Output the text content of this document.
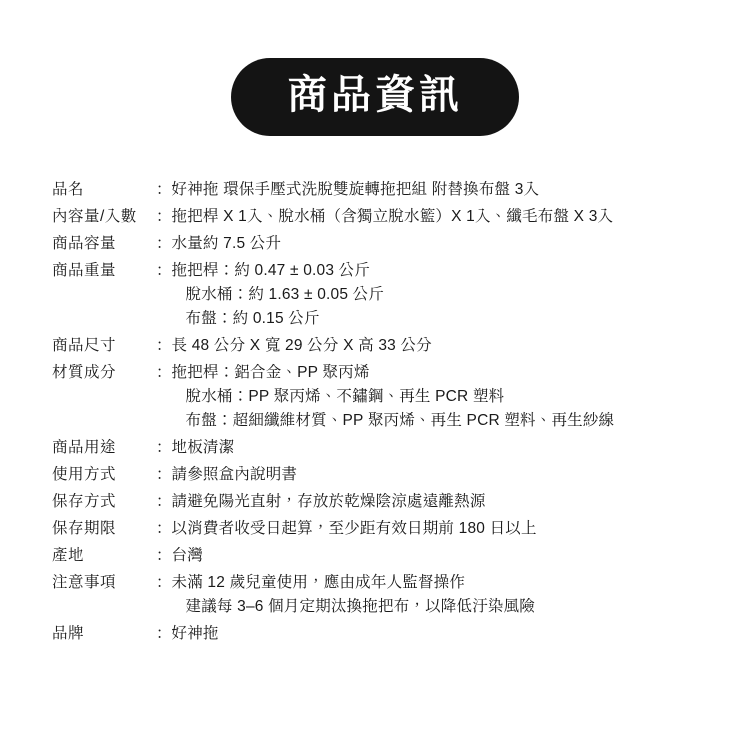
商品資訊
品名	：	好神拖 環保手壓式洗脫雙旋轉拖把組 附替換布盤 3入

內容量/入數	：	拖把桿 X 1入、脫水桶（含獨立脫水籃）X 1入、纖毛布盤 X 3入

商品容量	：	水量約 7.5 公升

商品重量	：	拖把桿：約 0.47 ± 0.03 公斤
脫水桶：約 1.63 ± 0.05 公斤
布盤：約 0.15 公斤

商品尺寸	：	長 48 公分 X 寬 29 公分 X 高 33 公分

材質成分	：	拖把桿：鋁合金、PP 聚丙烯
脫水桶：PP 聚丙烯、不鏽鋼、再生 PCR 塑料
布盤：超細纖維材質、PP 聚丙烯、再生 PCR 塑料、再生紗線

商品用途	：	地板清潔

使用方式	：	請參照盒內說明書

保存方式	：	請避免陽光直射，存放於乾燥陰涼處遠離熱源

保存期限	：	以消費者收受日起算，至少距有效日期前 180 日以上

產地	：	台灣

注意事項	：	未滿 12 歲兒童使用，應由成年人監督操作
建議每 3–6 個月定期汰換拖把布，以降低汙染風險

品牌	：	好神拖
